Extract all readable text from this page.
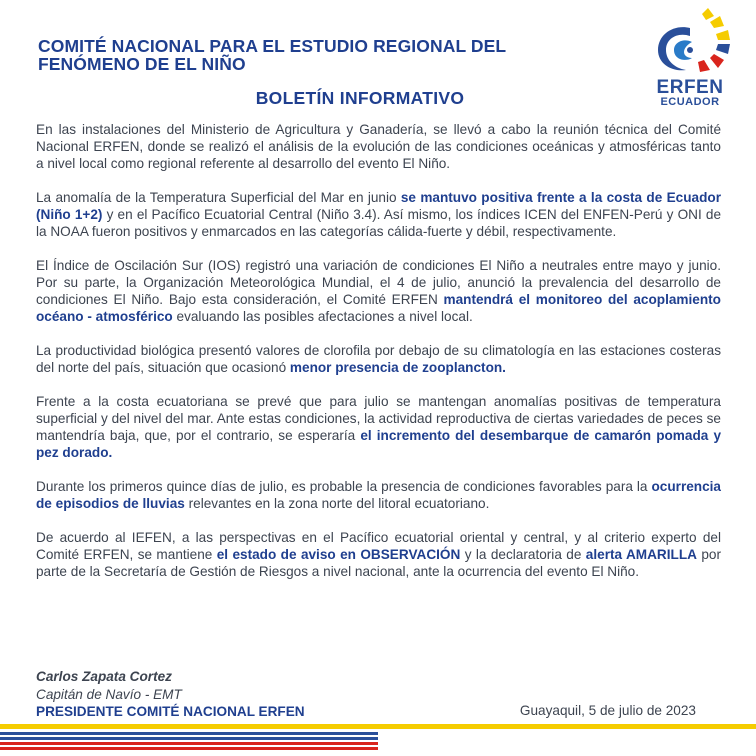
COMITÉ NACIONAL PARA EL ESTUDIO REGIONAL DEL
FENÓMENO DE EL NIÑO
ERFEN
ECUADOR
BOLETÍN INFORMATIVO

En las instalaciones del Ministerio de Agricultura y Ganadería, se llevó a cabo la reunión técnica del Comité Nacional ERFEN, donde se realizó el análisis de la evolución de las condiciones oceánicas y atmosféricas tanto a nivel local como regional referente al desarrollo del evento El Niño.

La anomalía de la Temperatura Superficial del Mar en junio se mantuvo positiva frente a la costa de Ecuador (Niño 1+2) y en el Pacífico Ecuatorial Central (Niño 3.4). Así mismo, los índices ICEN del ENFEN-Perú y ONI de la NOAA fueron positivos y enmarcados en las categorías cálida-fuerte y débil, respectivamente.

El Índice de Oscilación Sur (IOS) registró una variación de condiciones El Niño a neutrales entre mayo y junio. Por su parte, la Organización Meteorológica Mundial, el 4 de julio, anunció la prevalencia del desarrollo de condiciones El Niño. Bajo esta consideración, el Comité ERFEN mantendrá el monitoreo del acoplamiento océano - atmosférico evaluando las posibles afectaciones a nivel local.

La productividad biológica presentó valores de clorofila por debajo de su climatología en las estaciones costeras del norte del país, situación que ocasionó menor presencia de zooplancton.

Frente a la costa ecuatoriana se prevé que para julio se mantengan anomalías positivas de temperatura superficial y del nivel del mar. Ante estas condiciones, la actividad reproductiva de ciertas variedades de peces se mantendría baja, que, por el contrario, se esperaría el incremento del desembarque de camarón pomada y pez dorado.

Durante los primeros quince días de julio, es probable la presencia de condiciones favorables para la ocurrencia de episodios de lluvias relevantes en la zona norte del litoral ecuatoriano.

De acuerdo al IEFEN, a las perspectivas en el Pacífico ecuatorial oriental y central, y al criterio experto del Comité ERFEN, se mantiene el estado de aviso en OBSERVACIÓN y la declaratoria de alerta AMARILLA por parte de la Secretaría de Gestión de Riesgos a nivel nacional, ante la ocurrencia del evento El Niño.

Carlos Zapata Cortez
Capitán de Navío - EMT
PRESIDENTE COMITÉ NACIONAL ERFEN	Guayaquil, 5 de julio de 2023
